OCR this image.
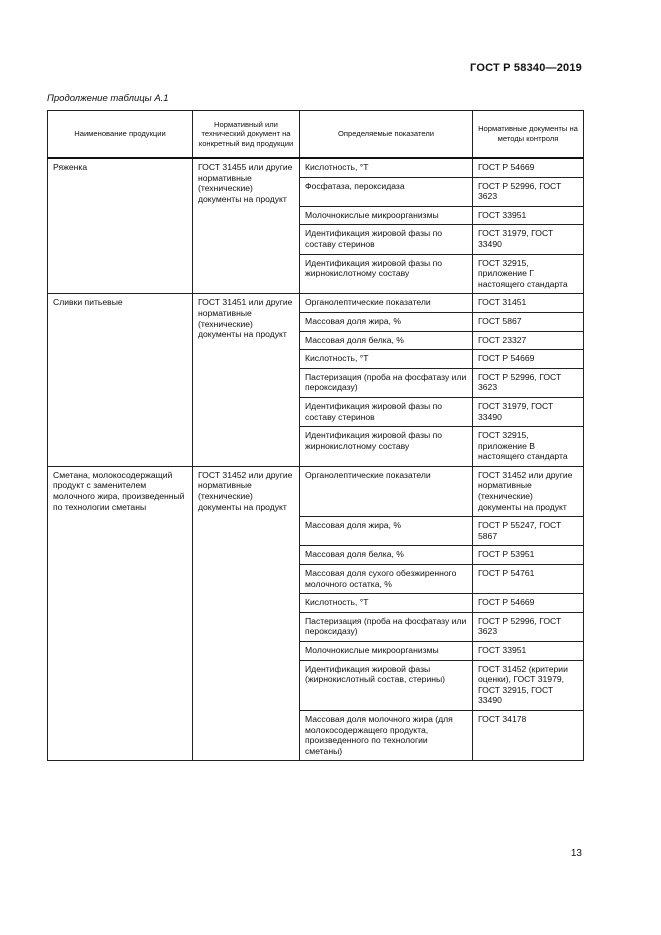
ГОСТ Р 58340—2019
Продолжение таблицы А.1
Наименование продукции	Нормативный или технический документ на конкретный вид продукции	Определяемые показатели	Нормативные документы на методы контроля
Ряженка	ГОСТ 31455 или другие нормативные (технические) документы на продукт	Кислотность, °Т	ГОСТ Р 54669
		Фосфатаза, пероксидаза	ГОСТ Р 52996, ГОСТ 3623
		Молочнокислые микроорганизмы	ГОСТ 33951
		Идентификация жировой фазы по составу стеринов	ГОСТ 31979, ГОСТ 33490
		Идентификация жировой фазы по жирнокислотному составу	ГОСТ 32915, приложение Г настоящего стандарта
Сливки питьевые	ГОСТ 31451 или другие нормативные (технические) документы на продукт	Органолептические показатели	ГОСТ 31451
		Массовая доля жира, %	ГОСТ 5867
		Массовая доля белка, %	ГОСТ 23327
		Кислотность, °Т	ГОСТ Р 54669
		Пастеризация (проба на фосфатазу или пероксидазу)	ГОСТ Р 52996, ГОСТ 3623
		Идентификация жировой фазы по составу стеринов	ГОСТ 31979, ГОСТ 33490
		Идентификация жировой фазы по жирнокислотному составу	ГОСТ 32915, приложение В настоящего стандарта
Сметана, молокосодержащий продукт с заменителем молочного жира, произведенный по технологии сметаны	ГОСТ 31452 или другие нормативные (технические) документы на продукт	Органолептические показатели	ГОСТ 31452 или другие нормативные (технические) документы на продукт
		Массовая доля жира, %	ГОСТ Р 55247, ГОСТ 5867
		Массовая доля белка, %	ГОСТ Р 53951
		Массовая доля сухого обезжиренного молочного остатка, %	ГОСТ Р 54761
		Кислотность, °Т	ГОСТ Р 54669
		Пастеризация (проба на фосфатазу или пероксидазу)	ГОСТ Р 52996, ГОСТ 3623
		Молочнокислые микроорганизмы	ГОСТ 33951
		Идентификация жировой фазы (жирнокислотный состав, стерины)	ГОСТ 31452 (критерии оценки), ГОСТ 31979, ГОСТ 32915, ГОСТ 33490
		Массовая доля молочного жира (для молокосодержащего продукта, произведенного по технологии сметаны)	ГОСТ 34178
13
